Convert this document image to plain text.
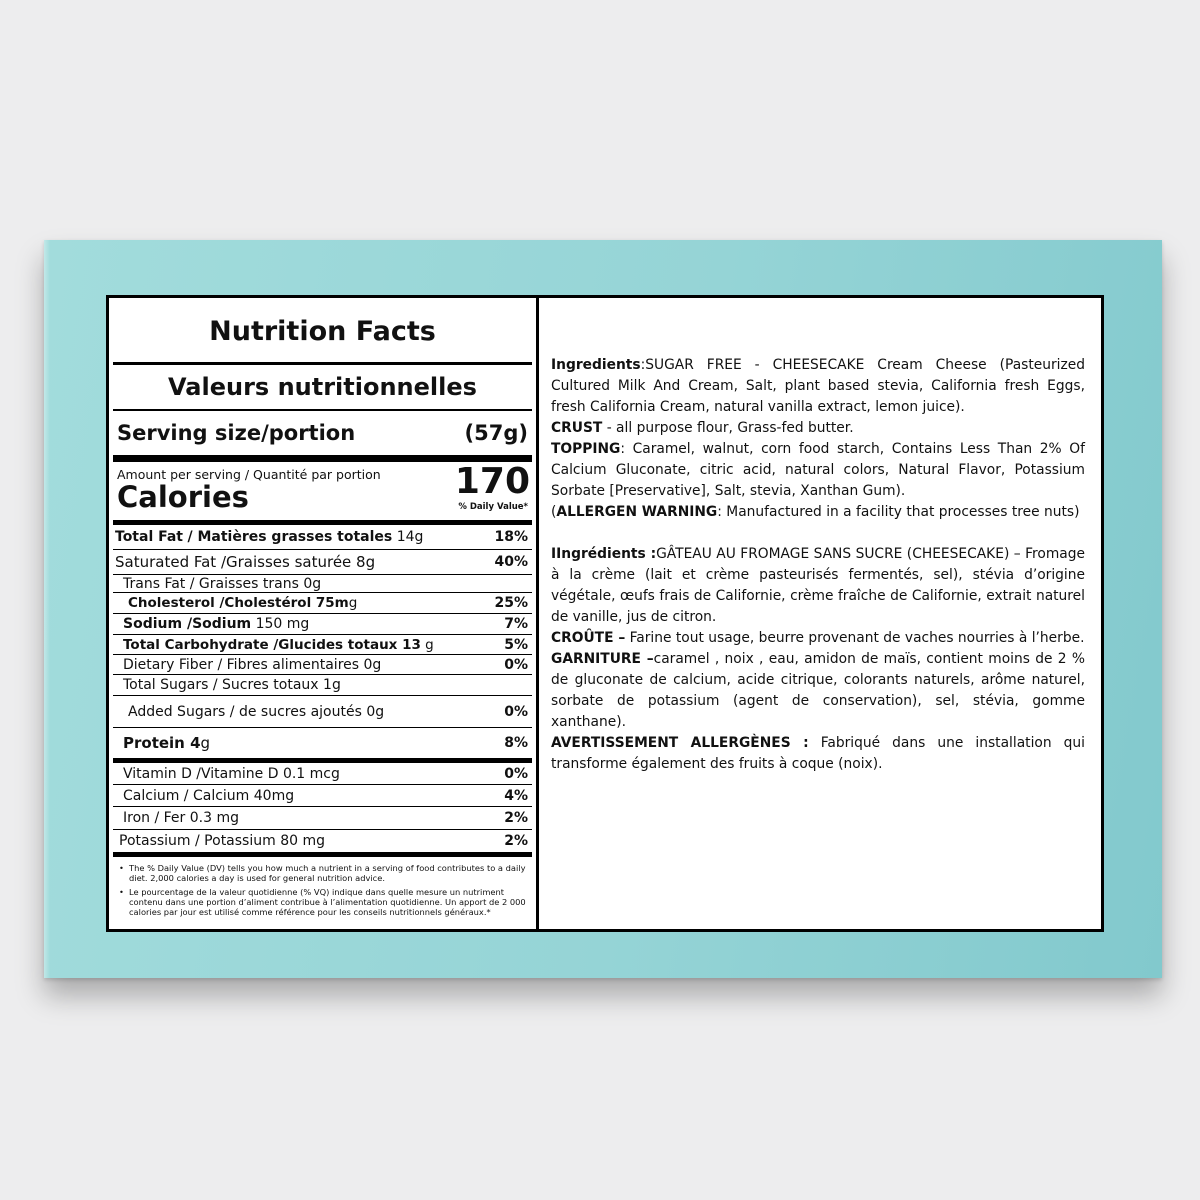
Nutrition Facts
Valeurs nutritionnelles
Serving size/portion	(57g)
Amount per serving / Quantité par portion
Calories	170
% Daily Value*
Total Fat / Matières grasses totales 14g	18%
Saturated Fat /Graisses saturée 8g	40%
Trans Fat / Graisses trans 0g
Cholesterol /Cholestérol 75mg	25%
Sodium /Sodium 150 mg	7%
Total Carbohydrate /Glucides totaux 13 g	5%
Dietary Fiber / Fibres alimentaires 0g	0%
Total Sugars / Sucres totaux 1g
Added Sugars / de sucres ajoutés 0g	0%
Protein 4g	8%
Vitamin D /Vitamine D 0.1 mcg	0%
Calcium / Calcium 40mg	4%
Iron / Fer 0.3 mg	2%
Potassium / Potassium 80 mg	2%
• The % Daily Value (DV) tells you how much a nutrient in a serving of food contributes to a daily diet. 2,000 calories a day is used for general nutrition advice.
• Le pourcentage de la valeur quotidienne (% VQ) indique dans quelle mesure un nutriment contenu dans une portion d’aliment contribue à l’alimentation quotidienne. Un apport de 2 000 calories par jour est utilisé comme référence pour les conseils nutritionnels généraux.*

Ingredients:SUGAR FREE - CHEESECAKE Cream Cheese (Pasteurized Cultured Milk And Cream, Salt, plant based stevia, California fresh Eggs, fresh California Cream, natural vanilla extract, lemon juice).

CRUST - all purpose flour, Grass-fed butter.

TOPPING: Caramel, walnut, corn food starch, Contains Less Than 2% Of Calcium Gluconate, citric acid, natural colors, Natural Flavor, Potassium Sorbate [Preservative], Salt, stevia, Xanthan Gum).

(ALLERGEN WARNING: Manufactured in a facility that processes tree nuts)

IIngrédients :GÂTEAU AU FROMAGE SANS SUCRE (CHEESECAKE) – Fromage à la crème (lait et crème pasteurisés fermentés, sel), stévia d’origine végétale, œufs frais de Californie, crème fraîche de Californie, extrait naturel de vanille, jus de citron.

CROÛTE – Farine tout usage, beurre provenant de vaches nourries à l’herbe.

GARNITURE –caramel , noix , eau, amidon de maïs, contient moins de 2 % de gluconate de calcium, acide citrique, colorants naturels, arôme naturel, sorbate de potassium (agent de conservation), sel, stévia, gomme xanthane).

AVERTISSEMENT ALLERGÈNES : Fabriqué dans une installation qui transforme également des fruits à coque (noix).
